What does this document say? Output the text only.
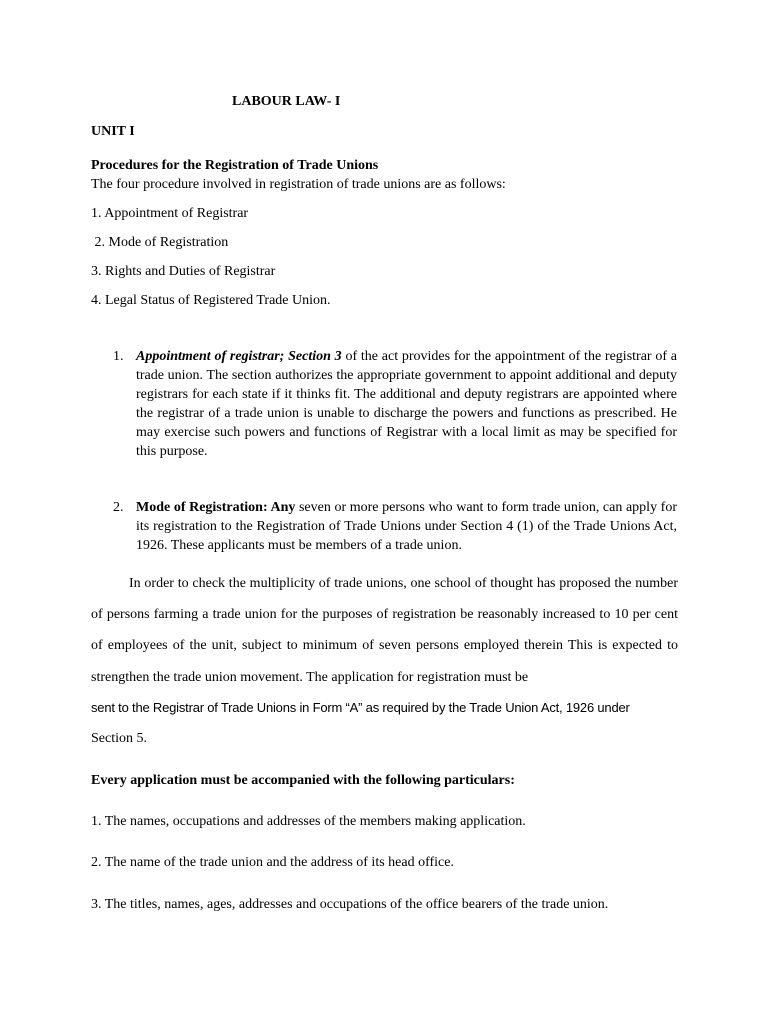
LABOUR LAW- I
UNIT I
Procedures for the Registration of Trade Unions
The four procedure involved in registration of trade unions are as follows:
1. Appointment of Registrar
2. Mode of Registration
3. Rights and Duties of Registrar
4. Legal Status of Registered Trade Union.
1. Appointment of registrar; Section 3 of the act provides for the appointment of the registrar of a trade union. The section authorizes the appropriate government to appoint additional and deputy registrars for each state if it thinks fit. The additional and deputy registrars are appointed where the registrar of a trade union is unable to discharge the powers and functions as prescribed. He may exercise such powers and functions of Registrar with a local limit as may be specified for this purpose.
2. Mode of Registration: Any seven or more persons who want to form trade union, can apply for its registration to the Registration of Trade Unions under Section 4 (1) of the Trade Unions Act, 1926. These applicants must be members of a trade union.
In order to check the multiplicity of trade unions, one school of thought has proposed the number of persons farming a trade union for the purposes of registration be reasonably increased to 10 per cent of employees of the unit, subject to minimum of seven persons employed therein This is expected to strengthen the trade union movement. The application for registration must be
sent to the Registrar of Trade Unions in Form “A” as required by the Trade Union Act, 1926 under
Section 5.
Every application must be accompanied with the following particulars:
1. The names, occupations and addresses of the members making application.
2. The name of the trade union and the address of its head office.
3. The titles, names, ages, addresses and occupations of the office bearers of the trade union.
